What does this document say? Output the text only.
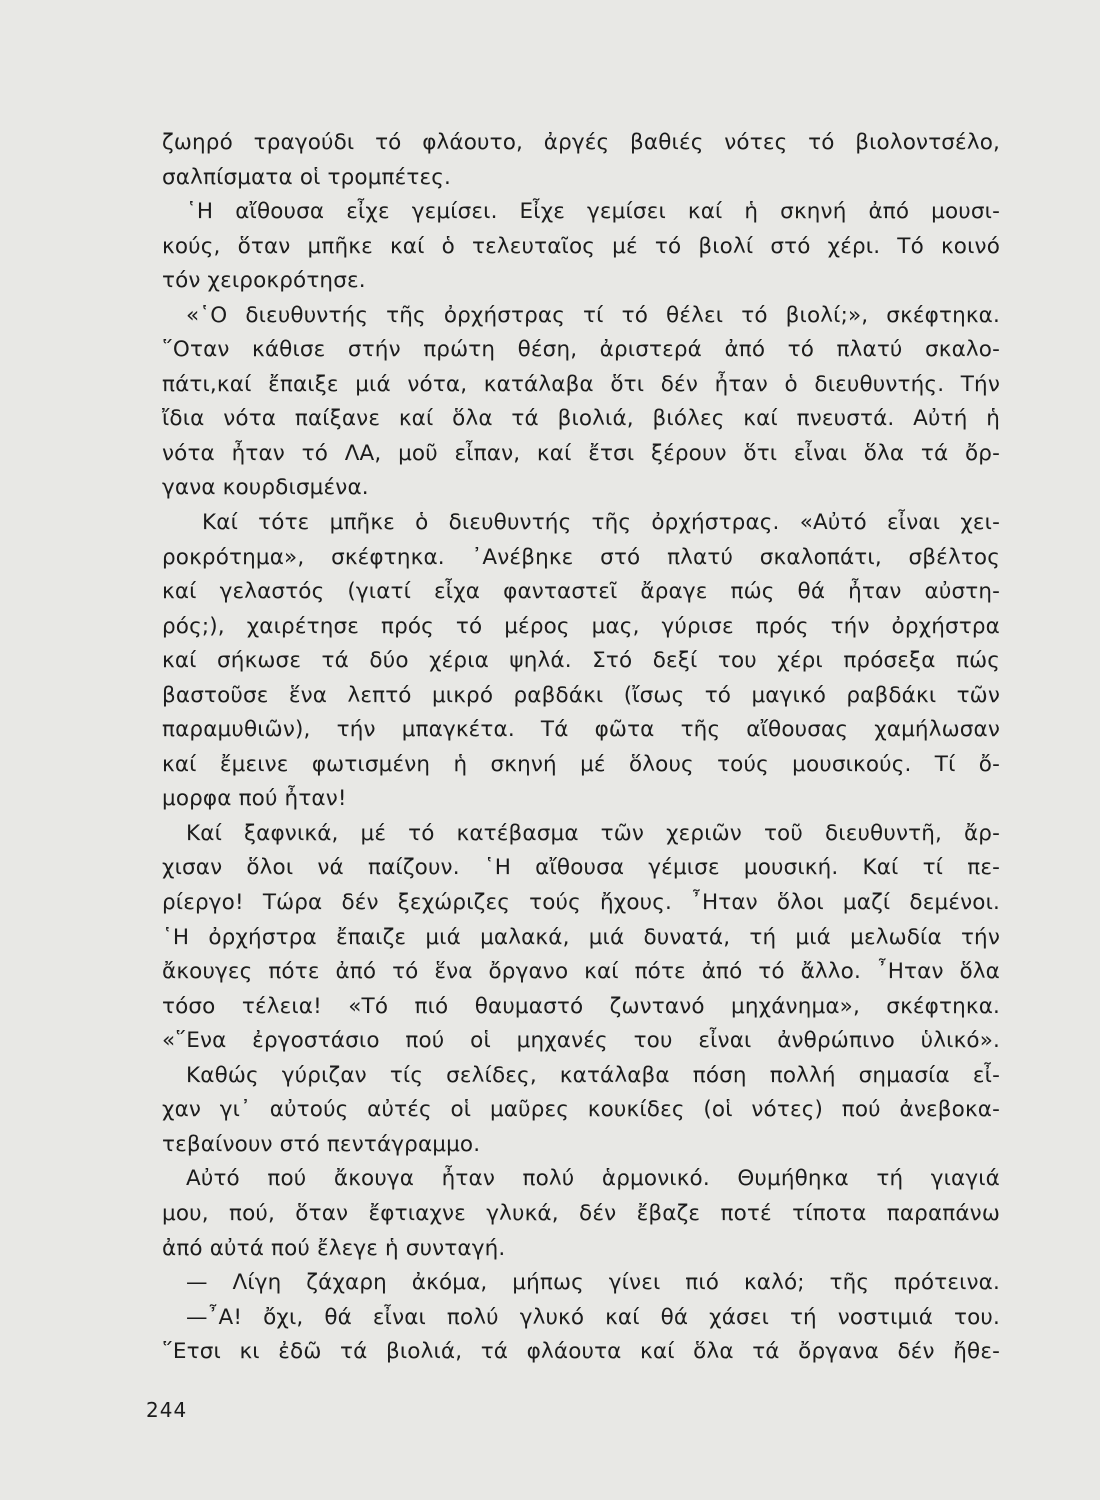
ζωηρό τραγούδι τό φλάουτο, ἀργές βαθιές νότες τό βιολοντσέλο,
σαλπίσματα οἱ τρομπέτες.
῾Η αἴθουσα εἶχε γεμίσει. Εἶχε γεμίσει καί ἡ σκηνή ἀπό μουσι-
κούς, ὅταν μπῆκε καί ὁ τελευταῖος μέ τό βιολί στό χέρι. Τό κοινό
τόν χειροκρότησε.
«῾Ο διευθυντής τῆς ὀρχήστρας τί τό θέλει τό βιολί;», σκέφτηκα.
῞Οταν κάθισε στήν πρώτη θέση, ἀριστερά ἀπό τό πλατύ σκαλο-
πάτι,καί ἔπαιξε μιά νότα, κατάλαβα ὅτι δέν ἦταν ὁ διευθυντής. Τήν
ἴδια νότα παίξανε καί ὅλα τά βιολιά, βιόλες καί πνευστά. Αὐτή ἡ
νότα ἦταν τό ΛΑ, μοῦ εἶπαν, καί ἔτσι ξέρουν ὅτι εἶναι ὅλα τά ὄρ-
γανα κουρδισμένα.
Καί τότε μπῆκε ὁ διευθυντής τῆς ὀρχήστρας. «Αὐτό εἶναι χει-
ροκρότημα», σκέφτηκα. ᾿Ανέβηκε στό πλατύ σκαλοπάτι, σβέλτος
καί γελαστός (γιατί εἶχα φανταστεῖ ἄραγε πώς θά ἦταν αὐστη-
ρός;), χαιρέτησε πρός τό μέρος μας, γύρισε πρός τήν ὀρχήστρα
καί σήκωσε τά δύο χέρια ψηλά. Στό δεξί του χέρι πρόσεξα πώς
βαστοῦσε ἕνα λεπτό μικρό ραβδάκι (ἴσως τό μαγικό ραβδάκι τῶν
παραμυθιῶν), τήν μπαγκέτα. Τά φῶτα τῆς αἴθουσας χαμήλωσαν
καί ἔμεινε φωτισμένη ἡ σκηνή μέ ὅλους τούς μουσικούς. Τί ὄ-
μορφα πού ἦταν!
Καί ξαφνικά, μέ τό κατέβασμα τῶν χεριῶν τοῦ διευθυντῆ, ἄρ-
χισαν ὅλοι νά παίζουν. ῾Η αἴθουσα γέμισε μουσική. Καί τί πε-
ρίεργο! Τώρα δέν ξεχώριζες τούς ἤχους. ῏Ηταν ὅλοι μαζί δεμένοι.
῾Η ὀρχήστρα ἔπαιζε μιά μαλακά, μιά δυνατά, τή μιά μελωδία τήν
ἄκουγες πότε ἀπό τό ἕνα ὄργανο καί πότε ἀπό τό ἄλλο. ῏Ηταν ὅλα
τόσο τέλεια! «Τό πιό θαυμαστό ζωντανό μηχάνημα», σκέφτηκα.
«῞Ενα ἐργοστάσιο πού οἱ μηχανές του εἶναι ἀνθρώπινο ὑλικό».
Καθώς γύριζαν τίς σελίδες, κατάλαβα πόση πολλή σημασία εἶ-
χαν γι᾿ αὐτούς αὐτές οἱ μαῦρες κουκίδες (οἱ νότες) πού ἀνεβοκα-
τεβαίνουν στό πεντάγραμμο.
Αὐτό πού ἄκουγα ἦταν πολύ ἁρμονικό. Θυμήθηκα τή γιαγιά
μου, πού, ὅταν ἔφτιαχνε γλυκά, δέν ἔβαζε ποτέ τίποτα παραπάνω
ἀπό αὐτά πού ἔλεγε ἡ συνταγή.
— Λίγη ζάχαρη ἀκόμα, μήπως γίνει πιό καλό; τῆς πρότεινα.
—῏Α! ὄχι, θά εἶναι πολύ γλυκό καί θά χάσει τή νοστιμιά του.
῞Ετσι κι ἐδῶ τά βιολιά, τά φλάουτα καί ὅλα τά ὄργανα δέν ἤθε-
244
